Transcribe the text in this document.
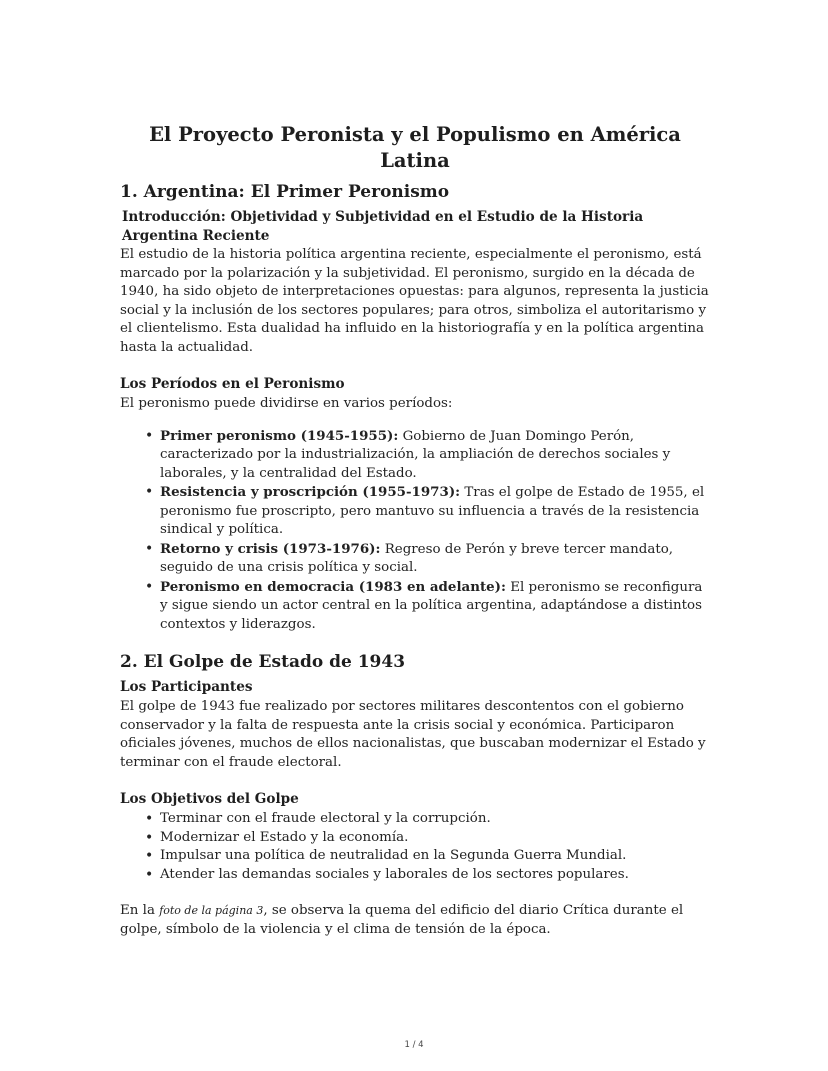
El Proyecto Peronista y el Populismo en América Latina
1. Argentina: El Primer Peronismo
Introducción: Objetividad y Subjetividad en el Estudio de la Historia Argentina Reciente

El estudio de la historia política argentina reciente, especialmente el peronismo, está marcado por la polarización y la subjetividad. El peronismo, surgido en la década de 1940, ha sido objeto de interpretaciones opuestas: para algunos, representa la justicia social y la inclusión de los sectores populares; para otros, simboliza el autoritarismo y el clientelismo. Esta dualidad ha influido en la historiografía y en la política argentina hasta la actualidad.

Los Períodos en el Peronismo

El peronismo puede dividirse en varios períodos:

• Primer peronismo (1945-1955): Gobierno de Juan Domingo Perón, caracterizado por la industrialización, la ampliación de derechos sociales y laborales, y la centralidad del Estado.
• Resistencia y proscripción (1955-1973): Tras el golpe de Estado de 1955, el peronismo fue proscripto, pero mantuvo su influencia a través de la resistencia sindical y política.
• Retorno y crisis (1973-1976): Regreso de Perón y breve tercer mandato, seguido de una crisis política y social.
• Peronismo en democracia (1983 en adelante): El peronismo se reconfigura y sigue siendo un actor central en la política argentina, adaptándose a distintos contextos y liderazgos.
2. El Golpe de Estado de 1943
Los Participantes

El golpe de 1943 fue realizado por sectores militares descontentos con el gobierno conservador y la falta de respuesta ante la crisis social y económica. Participaron oficiales jóvenes, muchos de ellos nacionalistas, que buscaban modernizar el Estado y terminar con el fraude electoral.

Los Objetivos del Golpe
• Terminar con el fraude electoral y la corrupción.
• Modernizar el Estado y la economía.
• Impulsar una política de neutralidad en la Segunda Guerra Mundial.
• Atender las demandas sociales y laborales de los sectores populares.

En la foto de la página 3, se observa la quema del edificio del diario Crítica durante el golpe, símbolo de la violencia y el clima de tensión de la época.

1 / 4
